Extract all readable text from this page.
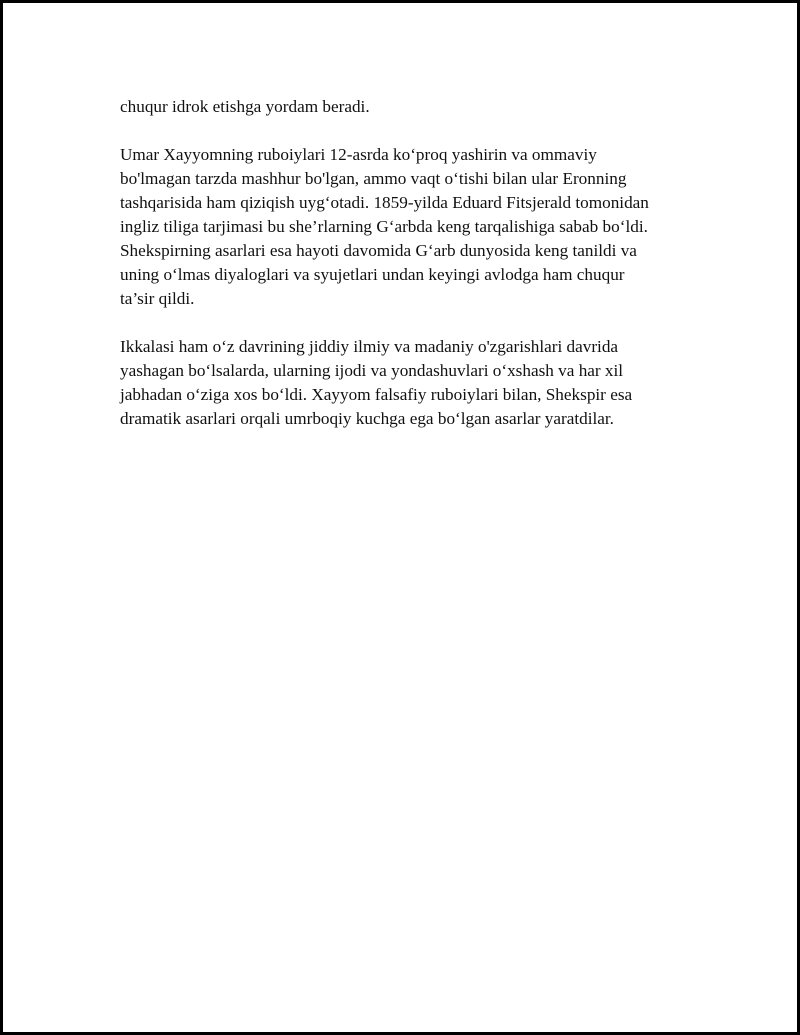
chuqur idrok etishga yordam beradi.

Umar Xayyomning ruboiylari 12-asrda ko‘proq yashirin va ommaviy
bo'lmagan tarzda mashhur bo'lgan, ammo vaqt o‘tishi bilan ular Eronning
tashqarisida ham qiziqish uyg‘otadi. 1859-yilda Eduard Fitsjerald tomonidan
ingliz tiliga tarjimasi bu she’rlarning G‘arbda keng tarqalishiga sabab bo‘ldi.
Shekspirning asarlari esa hayoti davomida G‘arb dunyosida keng tanildi va
uning o‘lmas diyaloglari va syujetlari undan keyingi avlodga ham chuqur
ta’sir qildi.

Ikkalasi ham o‘z davrining jiddiy ilmiy va madaniy o'zgarishlari davrida
yashagan bo‘lsalarda, ularning ijodi va yondashuvlari o‘xshash va har xil
jabhadan o‘ziga xos bo‘ldi. Xayyom falsafiy ruboiylari bilan, Shekspir esa
dramatik asarlari orqali umrboqiy kuchga ega bo‘lgan asarlar yaratdilar.
